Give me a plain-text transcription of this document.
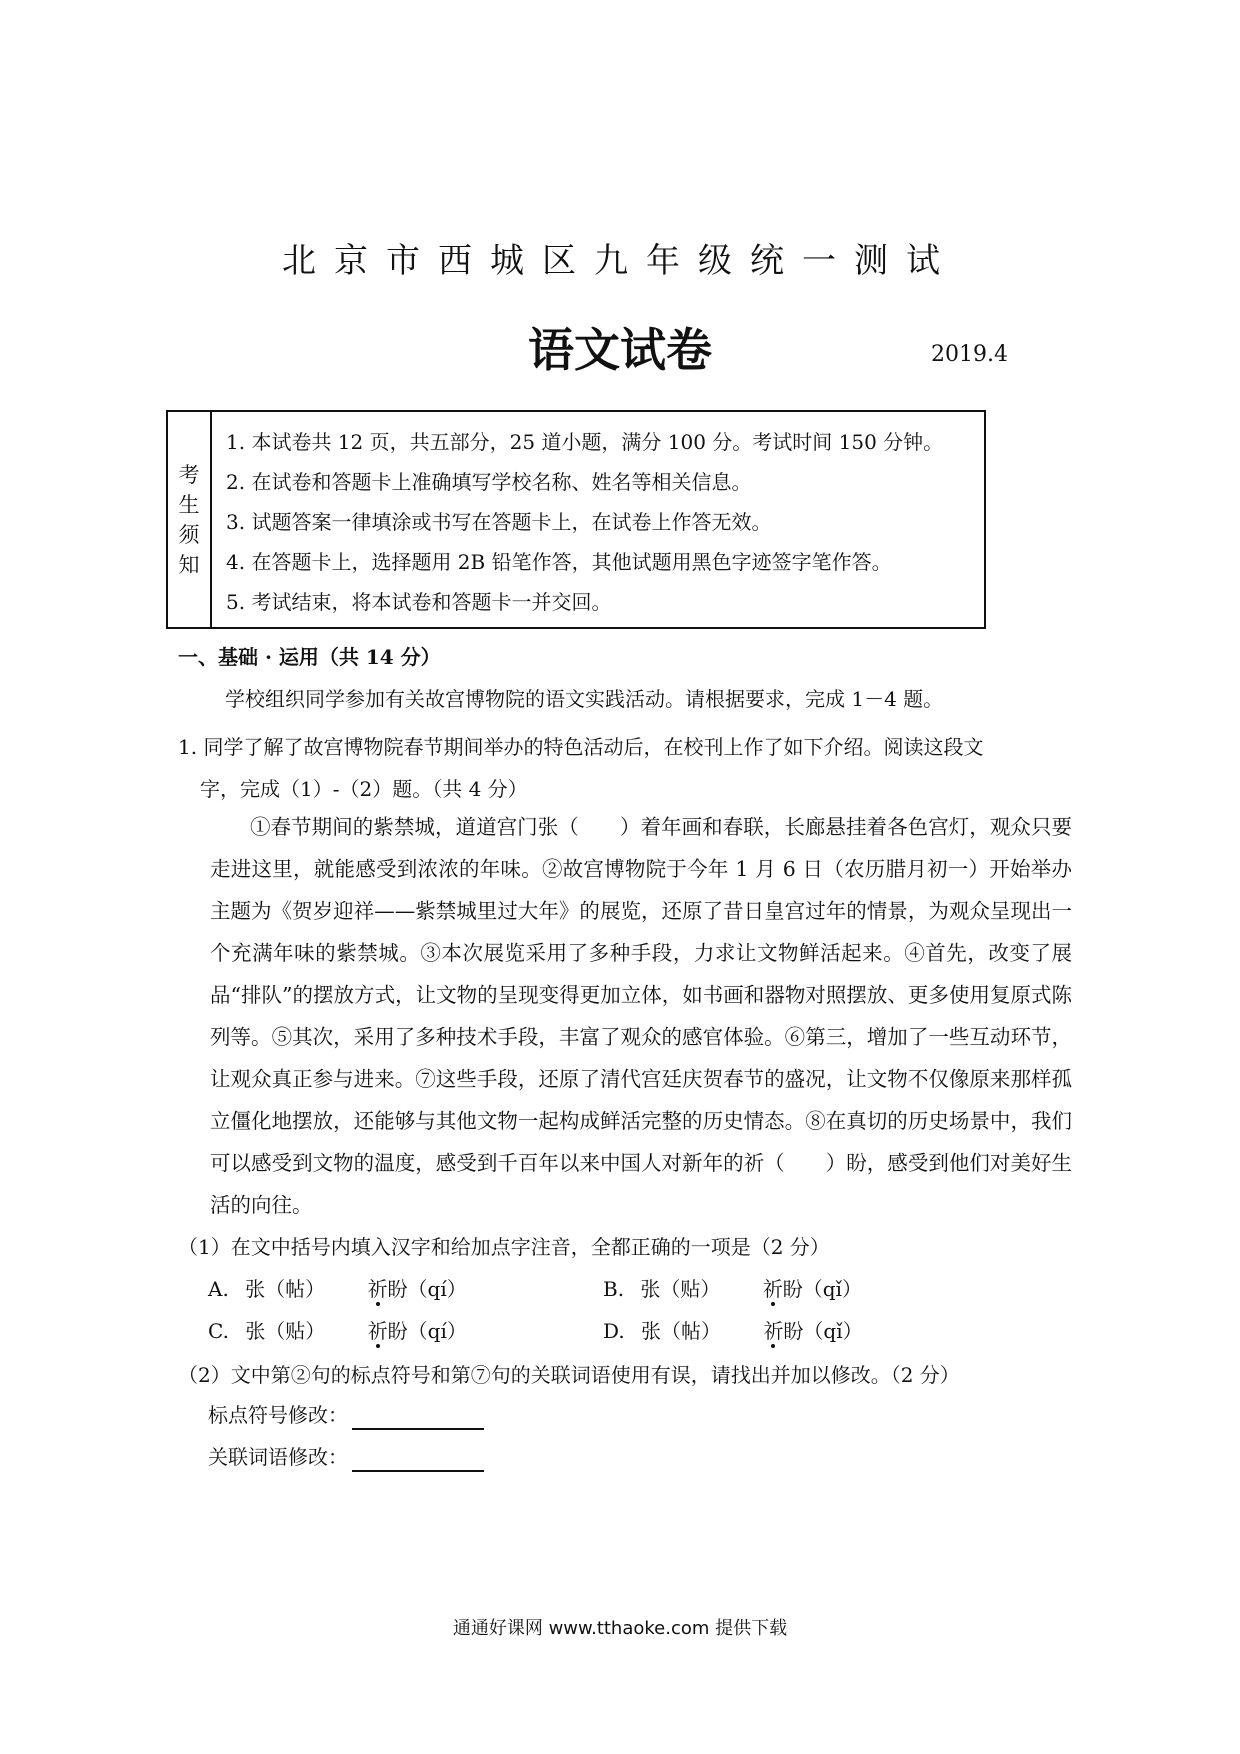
北京市西城区九年级统一测试
语文试卷	2019.4
考
生
须
知
1. 本试卷共 12 页，共五部分，25 道小题，满分 100 分。考试时间 150 分钟。
2. 在试卷和答题卡上准确填写学校名称、姓名等相关信息。
3. 试题答案一律填涂或书写在答题卡上，在试卷上作答无效。
4. 在答题卡上，选择题用 2B 铅笔作答，其他试题用黑色字迹签字笔作答。
5. 考试结束，将本试卷和答题卡一并交回。
一、基础 · 运用（共 14 分）
学校组织同学参加有关故宫博物院的语文实践活动。请根据要求，完成 1－4 题。
1. 同学了解了故宫博物院春节期间举办的特色活动后，在校刊上作了如下介绍。阅读这段文
字，完成（1）-（2）题。（共 4 分）
①春节期间的紫禁城，道道宫门张（　　）着年画和春联，长廊悬挂着各色宫灯，观众只要走进这里，就能感受到浓浓的年味。②故宫博物院于今年 1 月 6 日（农历腊月初一）开始举办主题为《贺岁迎祥——紫禁城里过大年》的展览，还原了昔日皇宫过年的情景，为观众呈现出一个充满年味的紫禁城。③本次展览采用了多种手段，力求让文物鲜活起来。④首先，改变了展品“排队”的摆放方式，让文物的呈现变得更加立体，如书画和器物对照摆放、更多使用复原式陈列等。⑤其次，采用了多种技术手段，丰富了观众的感官体验。⑥第三，增加了一些互动环节，让观众真正参与进来。⑦这些手段，还原了清代宫廷庆贺春节的盛况，让文物不仅像原来那样孤立僵化地摆放，还能够与其他文物一起构成鲜活完整的历史情态。⑧在真切的历史场景中，我们可以感受到文物的温度，感受到千百年以来中国人对新年的祈（　　）盼，感受到他们对美好生活的向往。
（1）在文中括号内填入汉字和给加点字注音，全都正确的一项是（2 分）
A. 张（帖） 祈盼（qí）	B. 张（贴） 祈盼（qǐ）
C. 张（贴） 祈盼（qí）	D. 张（帖） 祈盼（qǐ）
（2）文中第②句的标点符号和第⑦句的关联词语使用有误，请找出并加以修改。（2 分）
标点符号修改：
关联词语修改：
通通好课网 www.tthaoke.com 提供下载
